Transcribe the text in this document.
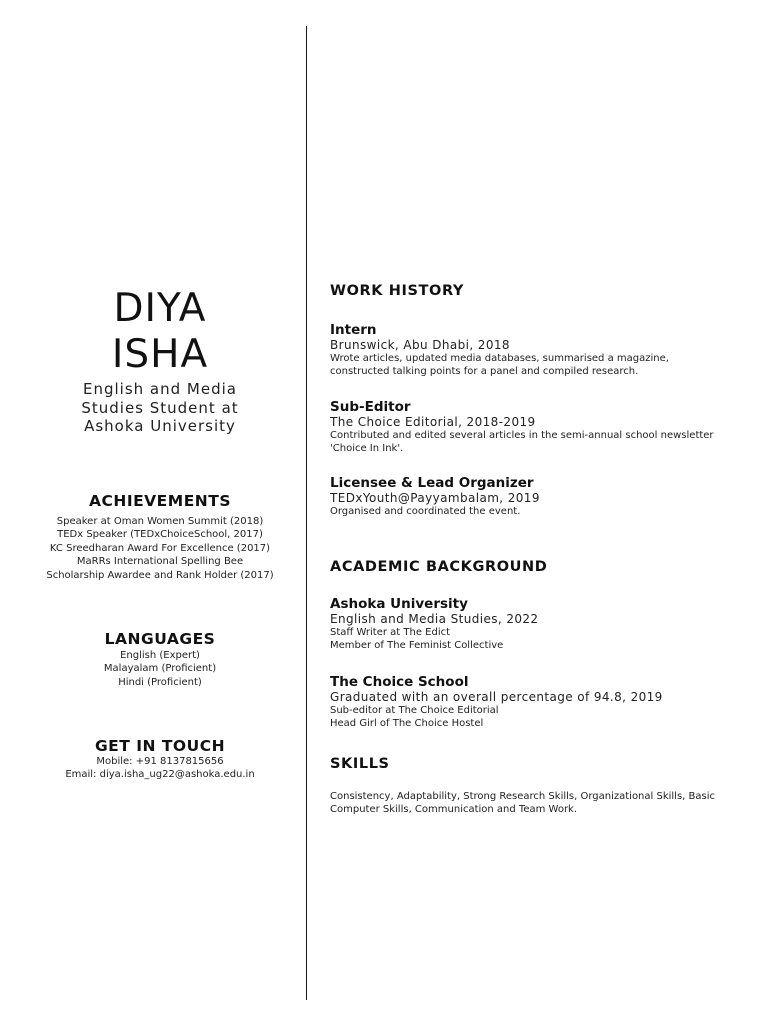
DIYA
ISHA
English and Media
Studies Student at
Ashoka University
ACHIEVEMENTS
Speaker at Oman Women Summit (2018)
TEDx Speaker (TEDxChoiceSchool, 2017)
KC Sreedharan Award For Excellence (2017)
MaRRs International Spelling Bee
Scholarship Awardee and Rank Holder (2017)
LANGUAGES
English (Expert)
Malayalam (Proficient)
Hindi (Proficient)
GET IN TOUCH
Mobile: +91 8137815656
Email: diya.isha_ug22@ashoka.edu.in
WORK HISTORY
Intern
Brunswick, Abu Dhabi, 2018
Wrote articles, updated media databases, summarised a magazine,
constructed talking points for a panel and compiled research.
Sub-Editor
The Choice Editorial, 2018-2019
Contributed and edited several articles in the semi-annual school newsletter
'Choice In Ink'.
Licensee & Lead Organizer
TEDxYouth@Payyambalam, 2019
Organised and coordinated the event.
ACADEMIC BACKGROUND
Ashoka University
English and Media Studies, 2022
Staff Writer at The Edict
Member of The Feminist Collective
The Choice School
Graduated with an overall percentage of 94.8, 2019
Sub-editor at The Choice Editorial
Head Girl of The Choice Hostel
SKILLS
Consistency, Adaptability, Strong Research Skills, Organizational Skills, Basic
Computer Skills, Communication and Team Work.
